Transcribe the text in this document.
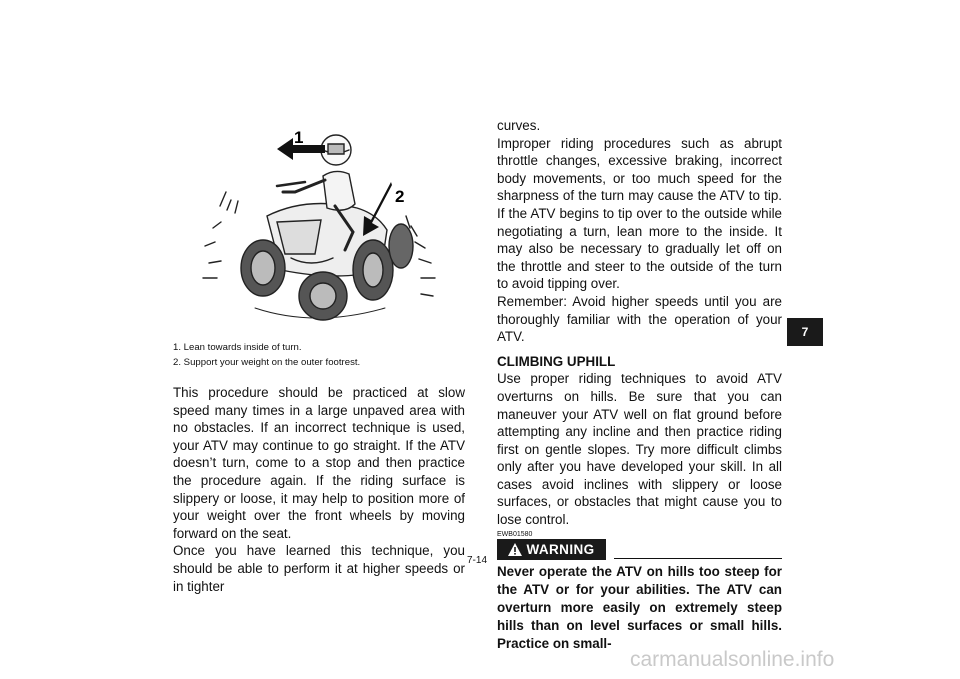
1
2
1. Lean towards inside of turn.
2. Support your weight on the outer footrest.

This procedure should be practiced at slow speed many times in a large unpaved area with no obstacles. If an incorrect technique is used, your ATV may continue to go straight. If the ATV doesn’t turn, come to a stop and then practice the procedure again. If the riding surface is slippery or loose, it may help to position more of your weight over the front wheels by moving forward on the seat.

Once you have learned this technique, you should be able to perform it at higher speeds or in tighter

curves.

Improper riding procedures such as abrupt throttle changes, excessive braking, incorrect body movements, or too much speed for the sharpness of the turn may cause the ATV to tip. If the ATV begins to tip over to the outside while negotiating a turn, lean more to the inside. It may also be necessary to gradually let off on the throttle and steer to the outside of the turn to avoid tipping over.

Remember: Avoid higher speeds until you are thoroughly familiar with the operation of your ATV.

CLIMBING UPHILL

Use proper riding techniques to avoid ATV overturns on hills. Be sure that you can maneuver your ATV well on flat ground before attempting any incline and then practice riding first on gentle slopes. Try more difficult climbs only after you have developed your skill. In all cases avoid inclines with slippery or loose surfaces, or obstacles that might cause you to lose control.

EWB01580

WARNING

Never operate the ATV on hills too steep for the ATV or for your abilities. The ATV can overturn more easily on extremely steep hills than on level surfaces or small hills. Practice on small-

7-14
7
carmanualsonline.info
